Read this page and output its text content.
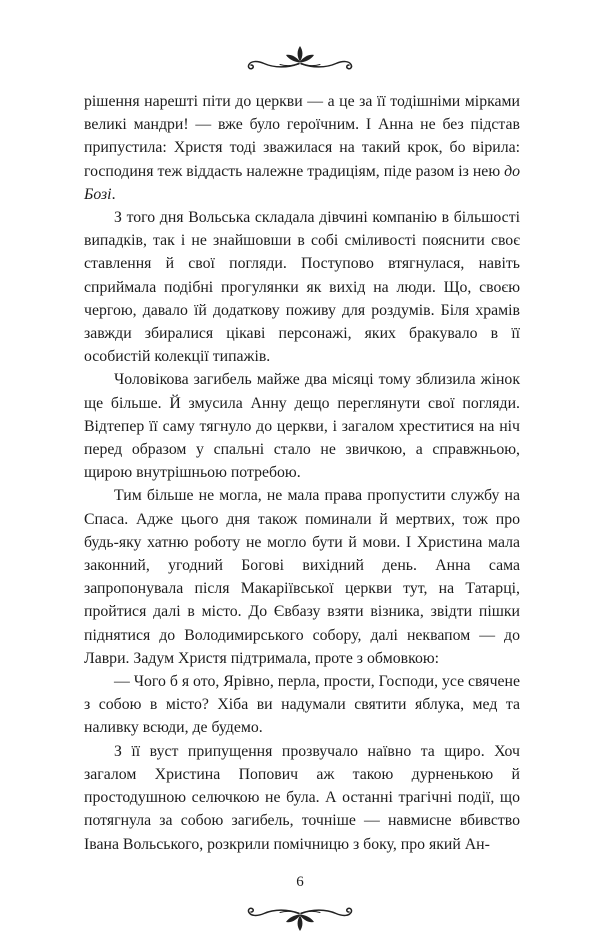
рішення нарешті піти до церкви — а це за її тодішніми мірками великі мандри! — вже було героїчним. І Анна не без підстав припустила: Христя тоді зважилася на такий крок, бо вірила: господиня теж віддасть належне традиціям, піде разом із нею до Бозі.

З того дня Вольська складала дівчині компанію в більшості випадків, так і не знайшовши в собі сміливості пояснити своє ставлення й свої погляди. Поступово втягнулася, навіть сприймала подібні прогулянки як вихід на люди. Що, своєю чергою, давало їй додаткову поживу для роздумів. Біля храмів завжди збиралися цікаві персонажі, яких бракувало в її особистій колекції типажів.

Чоловікова загибель майже два місяці тому зблизила жінок ще більше. Й змусила Анну дещо переглянути свої погляди. Відтепер її саму тягнуло до церкви, і загалом хреститися на ніч перед образом у спальні стало не звичкою, а справжньою, щирою внутрішньою потребою.

Тим більше не могла, не мала права пропустити службу на Спаса. Адже цього дня також поминали й мертвих, тож про будь-яку хатню роботу не могло бути й мови. І Христина мала законний, угодний Богові вихідний день. Анна сама запропонувала після Макаріївської церкви тут, на Татарці, пройтися далі в місто. До Євбазу взяти візника, звідти пішки піднятися до Володимирського собору, далі неквапом — до Лаври. Задум Христя підтримала, проте з обмовкою:

— Чого б я ото, Ярівно, перла, прости, Господи, усе свячене з собою в місто? Хіба ви надумали святити яблука, мед та наливку всюди, де будемо.

З її вуст припущення прозвучало наївно та щиро. Хоч загалом Христина Попович аж такою дурненькою й простодушною селючкою не була. А останні трагічні події, що потягнула за собою загибель, точніше — навмисне вбивство Івана Вольського, розкрили помічницю з боку, про який Ан-

6
